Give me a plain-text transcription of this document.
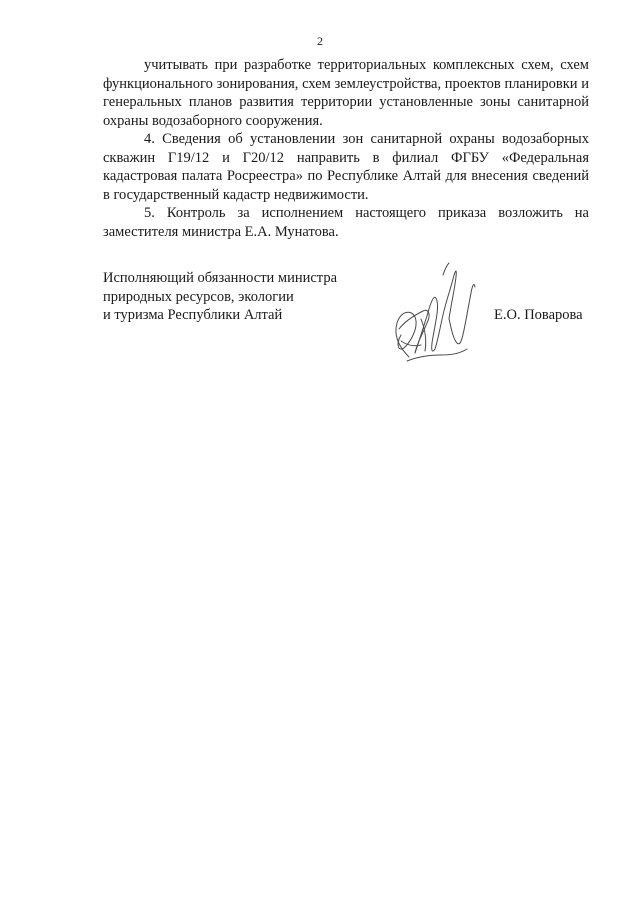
2

учитывать при разработке территориальных комплексных схем, схем функционального зонирования, схем землеустройства, проектов планировки и генеральных планов развития территории установленные зоны санитарной охраны водозаборного сооружения.

4. Сведения об установлении зон санитарной охраны водозаборных скважин Г19/12 и Г20/12 направить в филиал ФГБУ «Федеральная кадастровая палата Росреестра» по Республике Алтай для внесения сведений в государственный кадастр недвижимости.

5. Контроль за исполнением настоящего приказа возложить на заместителя министра Е.А. Мунатова.

Исполняющий обязанности министра
природных ресурсов, экологии
и туризма Республики Алтай	Е.О. Поварова
